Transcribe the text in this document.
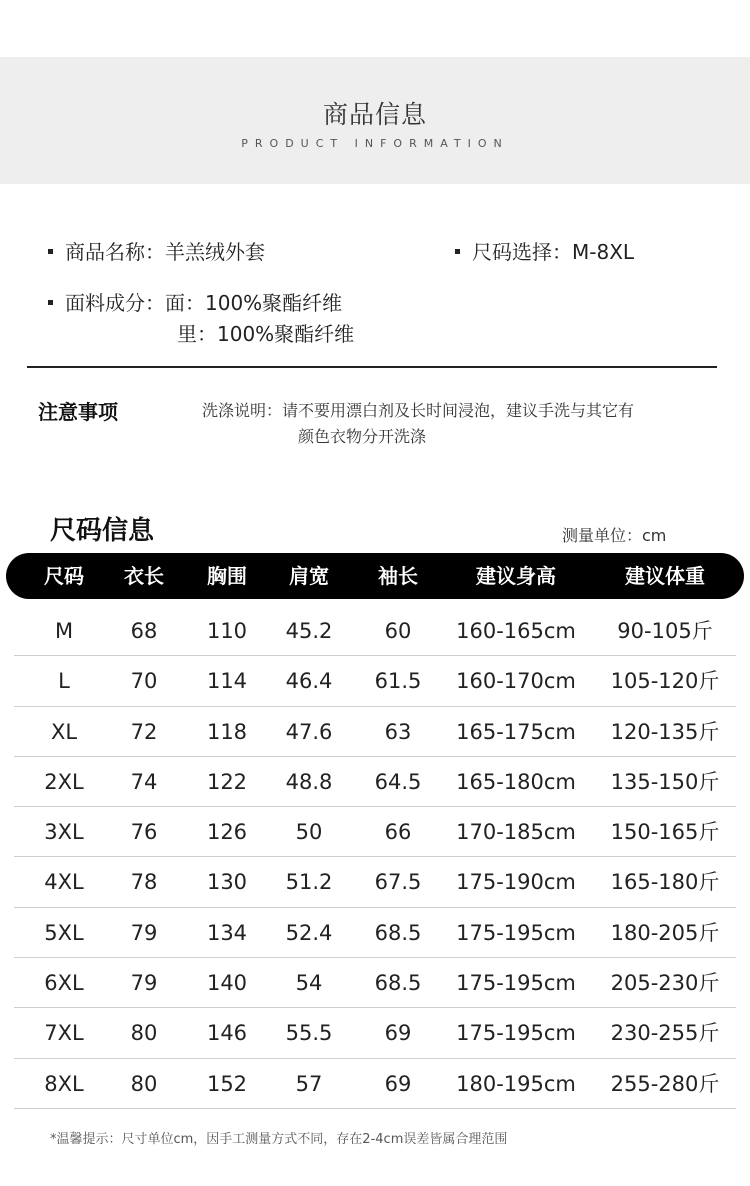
商品信息
PRODUCT INFORMATION
商品名称：羊羔绒外套	尺码选择：M-8XL
面料成分：面：100%聚酯纤维
里：100%聚酯纤维
注意事项	洗涤说明：请不要用漂白剂及长时间浸泡，建议手洗与其它有
颜色衣物分开洗涤
尺码信息	测量单位：cm
尺码 衣长 胸围 肩宽 袖长	建议身高	建议体重
M	68 110 45.2 60 160-165cm 90-105斤
L	70 114 46.4 61.5 160-170cm 105-120斤
XL	72 118 47.6 63 165-175cm 120-135斤
2XL 74 122 48.8 64.5 165-180cm 135-150斤
3XL 76 126 50	66 170-185cm 150-165斤
4XL 78 130 51.2 67.5 175-190cm 165-180斤
5XL 79 134 52.4 68.5 175-195cm 180-205斤
6XL 79 140 54 68.5 175-195cm 205-230斤
7XL 80 146 55.5 69 175-195cm 230-255斤
8XL 80 152 57	69 180-195cm 255-280斤
*温馨提示：尺寸单位cm，因手工测量方式不同，存在2-4cm误差皆属合理范围
